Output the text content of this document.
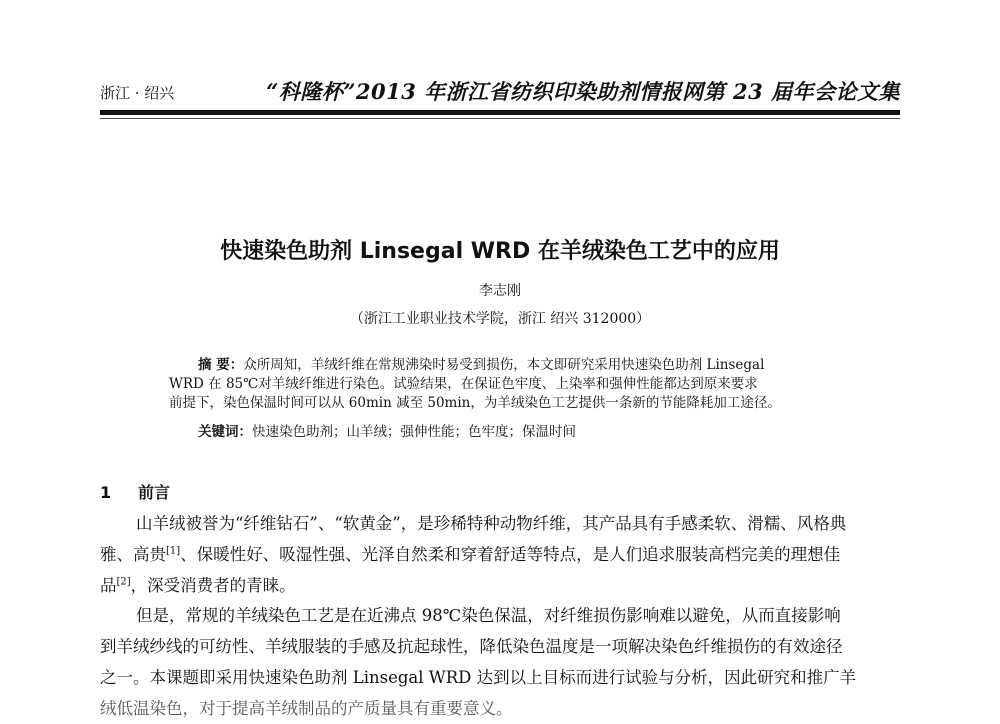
浙江 · 绍兴	“科隆杯”2013 年浙江省纺织印染助剂情报网第 23 届年会论文集
快速染色助剂 Linsegal WRD 在羊绒染色工艺中的应用
李志刚
（浙江工业职业技术学院，浙江 绍兴 312000）
摘 要：众所周知，羊绒纤维在常规沸染时易受到损伤，本文即研究采用快速染色助剂 Linsegal
WRD 在 85℃对羊绒纤维进行染色。试验结果，在保证色牢度、上染率和强伸性能都达到原来要求
前提下，染色保温时间可以从 60min 减至 50min，为羊绒染色工艺提供一条新的节能降耗加工途径。
关键词：快速染色助剂；山羊绒；强伸性能；色牢度；保温时间
1 前言
山羊绒被誉为“纤维钻石”、“软黄金”，是珍稀特种动物纤维，其产品具有手感柔软、滑糯、风格典
雅、高贵[1]、保暖性好、吸湿性强、光泽自然柔和穿着舒适等特点，是人们追求服装高档完美的理想佳
品[2]，深受消费者的青睐。
但是，常规的羊绒染色工艺是在近沸点 98℃染色保温，对纤维损伤影响难以避免，从而直接影响
到羊绒纱线的可纺性、羊绒服装的手感及抗起球性，降低染色温度是一项解决染色纤维损伤的有效途径
之一。本课题即采用快速染色助剂 Linsegal WRD 达到以上目标而进行试验与分析，因此研究和推广羊
绒低温染色，对于提高羊绒制品的产质量具有重要意义。
